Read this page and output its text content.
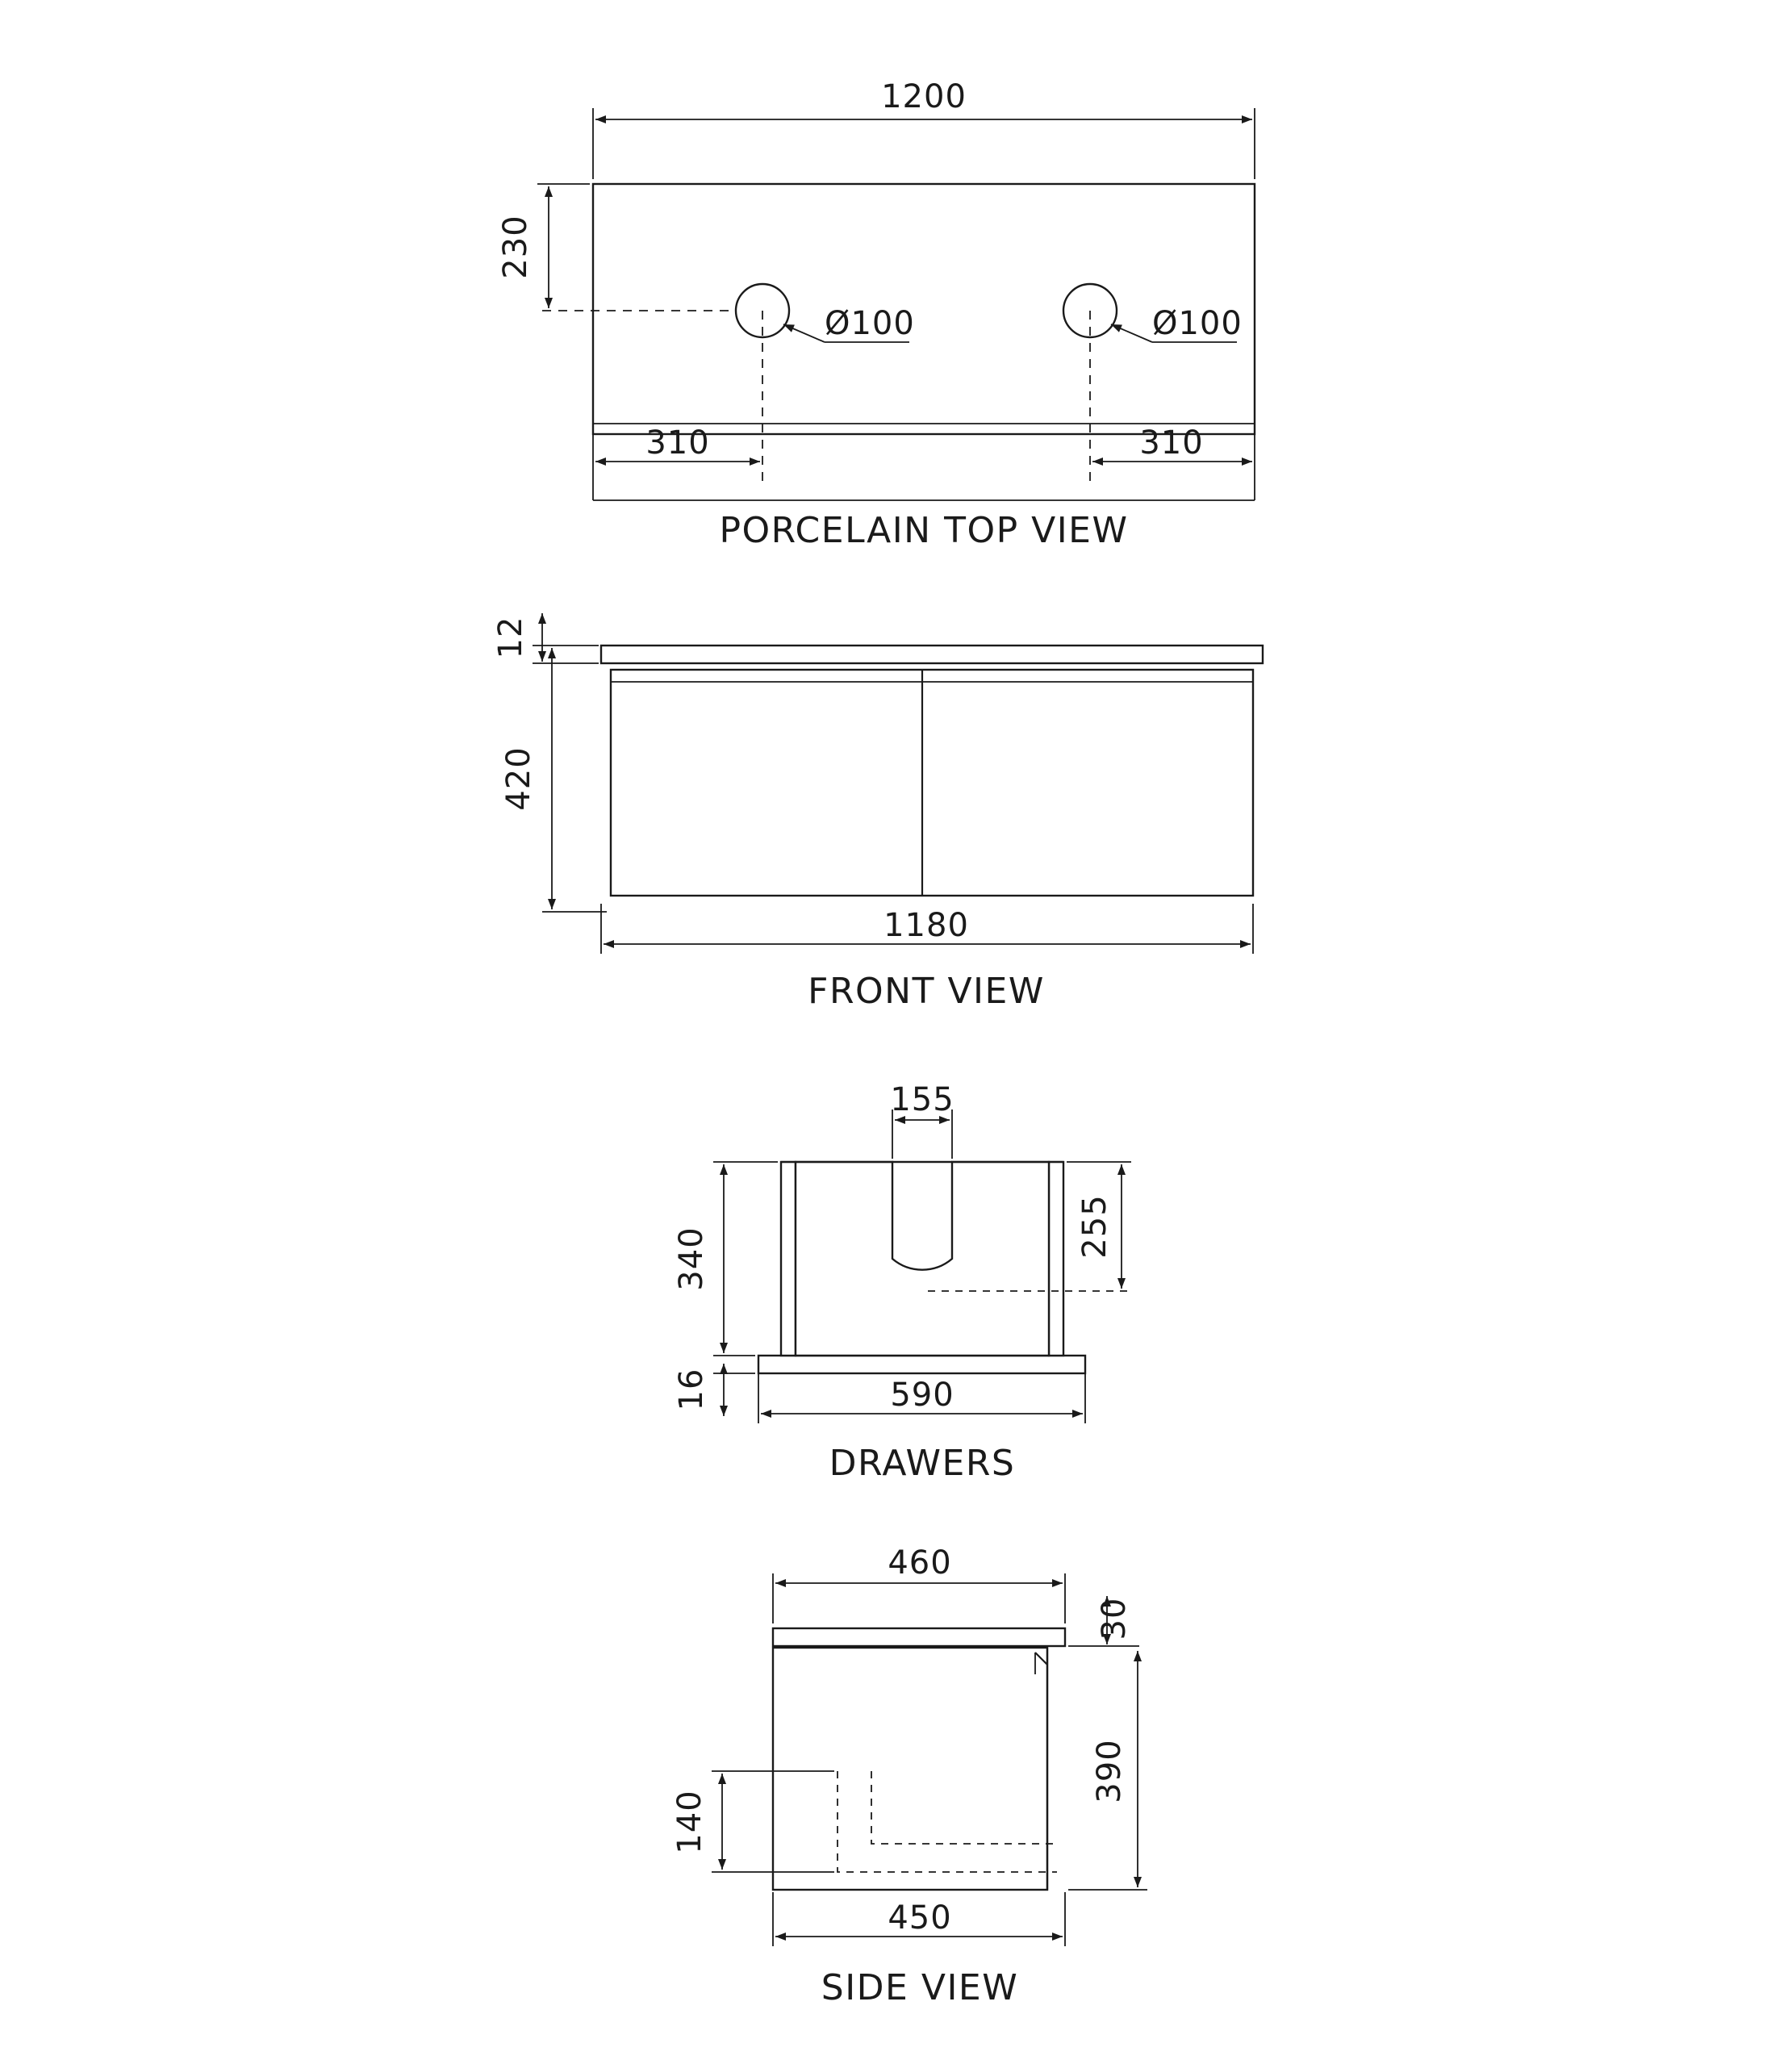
1200
230
Ø100	Ø100
310	310
PORCELAIN TOP VIEW
12
420
1180
FRONT VIEW
155
340
16
255
590
DRAWERS
460
30
390
140
450
SIDE VIEW
